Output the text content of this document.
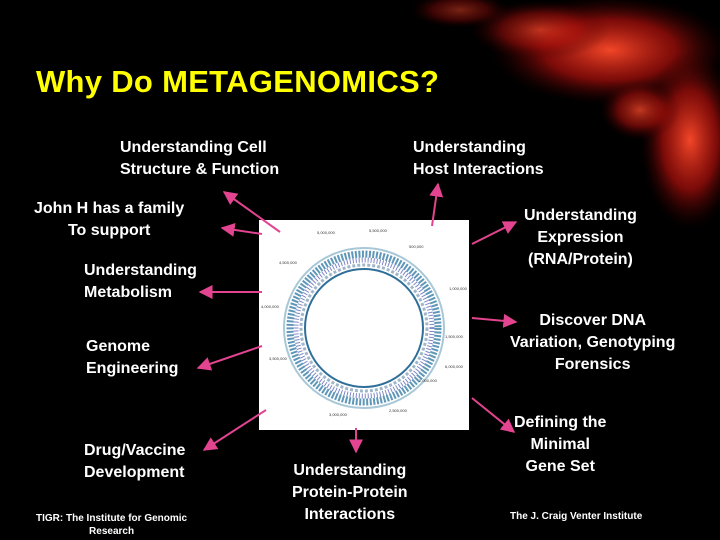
Why Do METAGENOMICS?
5,000,000
500,000
1,000,000
1,500,000
2,000,000
2,500,000
3,000,000
3,500,000
4,000,000
4,500,000
5,500,000
6,000,000
Understanding Cell
Structure & Function
Understanding
Host Interactions
John H has a family
To support
Understanding
Expression
(RNA/Protein)
Understanding
Metabolism
Discover DNA
Variation, Genotyping
Forensics
Genome
Engineering
Defining the
Minimal
Gene Set
Drug/Vaccine
Development	Understanding
Protein-Protein
Interactions
TIGR: The Institute for Genomic
Research
The J. Craig Venter Institute
